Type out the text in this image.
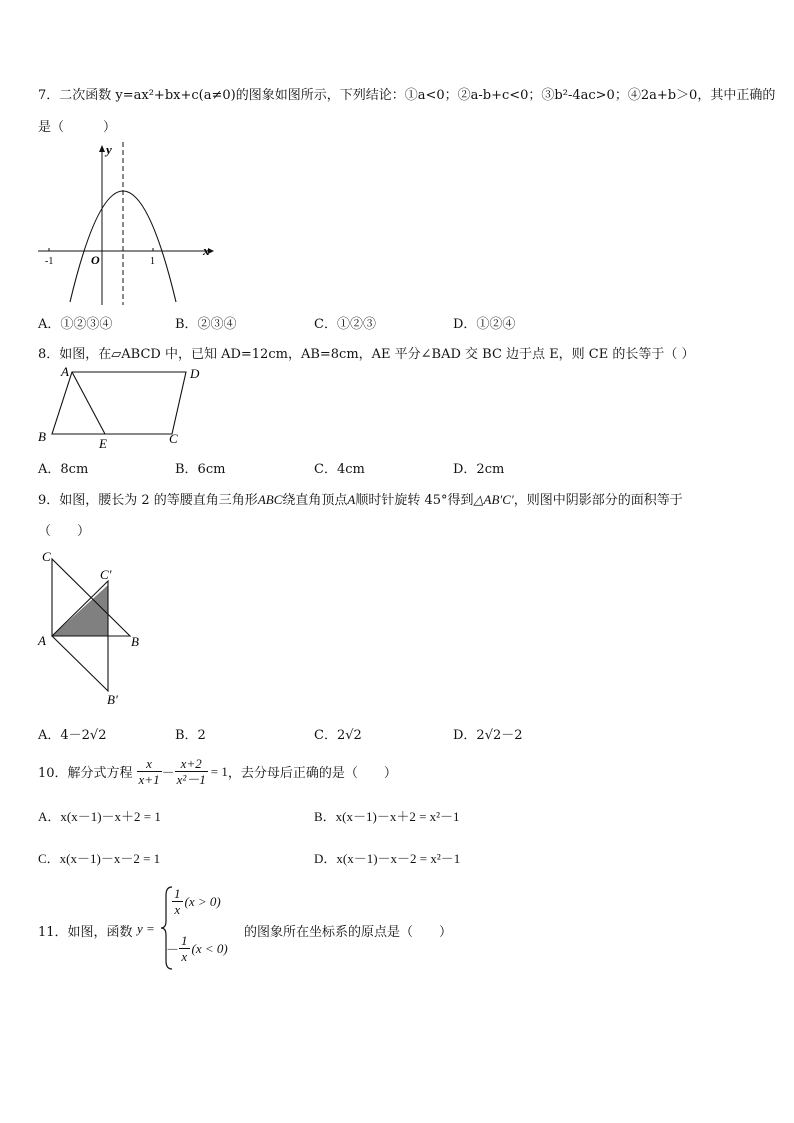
7．二次函数 y=ax²+bx+c(a≠0)的图象如图所示，下列结论：①a<0；②a-b+c<0；③b²-4ac>0；④2a+b＞0，其中正确的
是（　　　）
-1	1
O
y
x
A．①②③④	B．②③④	C．①②③	D．①②④
8．如图，在▱ABCD 中，已知 AD=12cm，AB=8cm，AE 平分∠BAD 交 BC 边于点 E，则 CE 的长等于（ ）
A	D
B	E	C
A．8cm	B．6cm	C．4cm	D．2cm
9．如图，腰长为 2 的等腰直角三角形ABC绕直角顶点A顺时针旋转 45°得到△AB′C′，则图中阴影部分的面积等于
（　　）
C
C′
A	B
B′
A．4－2√2	B．2	C．2√2	D．2√2－2
10．解分式方程 $\frac{x}{x+1} - \frac{x+2}{\text{x²－1}} = 1$ ，去分母后正确的是（　　）
A．x(x－1)－x＋2 = 1	B．x(x－1)－x＋2 = x²－1
C．x(x－1)－x－2 = 1	D．x(x－1)－x－2 = x²－1
11．如图，函数 y =
$\frac{1}{x} (x > 0)$
－ $\frac{1}{x} (x < 0)$
的图象所在坐标系的原点是（　　）
